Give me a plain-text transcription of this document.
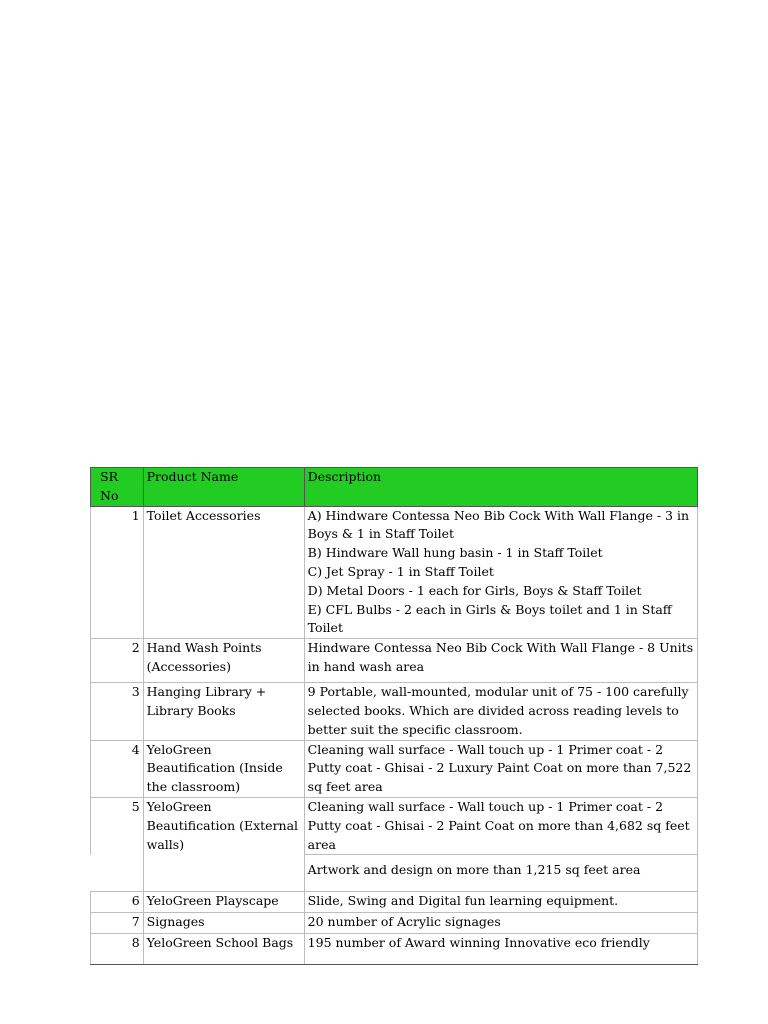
SR No	Product Name	Description
1	Toilet Accessories	A) Hindware Contessa Neo Bib Cock With Wall Flange - 3 in Boys & 1 in Staff Toilet
B) Hindware Wall hung basin - 1 in Staff Toilet
C) Jet Spray - 1 in Staff Toilet
D) Metal Doors - 1 each for Girls, Boys & Staff Toilet
E) CFL Bulbs - 2 each in Girls & Boys toilet and 1 in Staff Toilet

2	Hand Wash Points (Accessories)	Hindware Contessa Neo Bib Cock With Wall Flange - 8 Units in hand wash area
3	Hanging Library + Library Books	9 Portable, wall-mounted, modular unit of 75 - 100 carefully selected books. Which are divided across reading levels to better suit the specific classroom.
4	YeloGreen Beautification (Inside the classroom)	Cleaning wall surface - Wall touch up - 1 Primer coat - 2 Putty coat - Ghisai - 2 Luxury Paint Coat on more than 7,522 sq feet area
5	YeloGreen Beautification (External walls)	Cleaning wall surface - Wall touch up - 1 Primer coat - 2 Putty coat - Ghisai - 2 Paint Coat on more than 4,682 sq feet area
		Artwork and design on more than 1,215 sq feet area
6	YeloGreen Playscape	Slide, Swing and Digital fun learning equipment.
7	Signages	20 number of Acrylic signages
8	YeloGreen School Bags	195 number of Award winning Innovative eco friendly
